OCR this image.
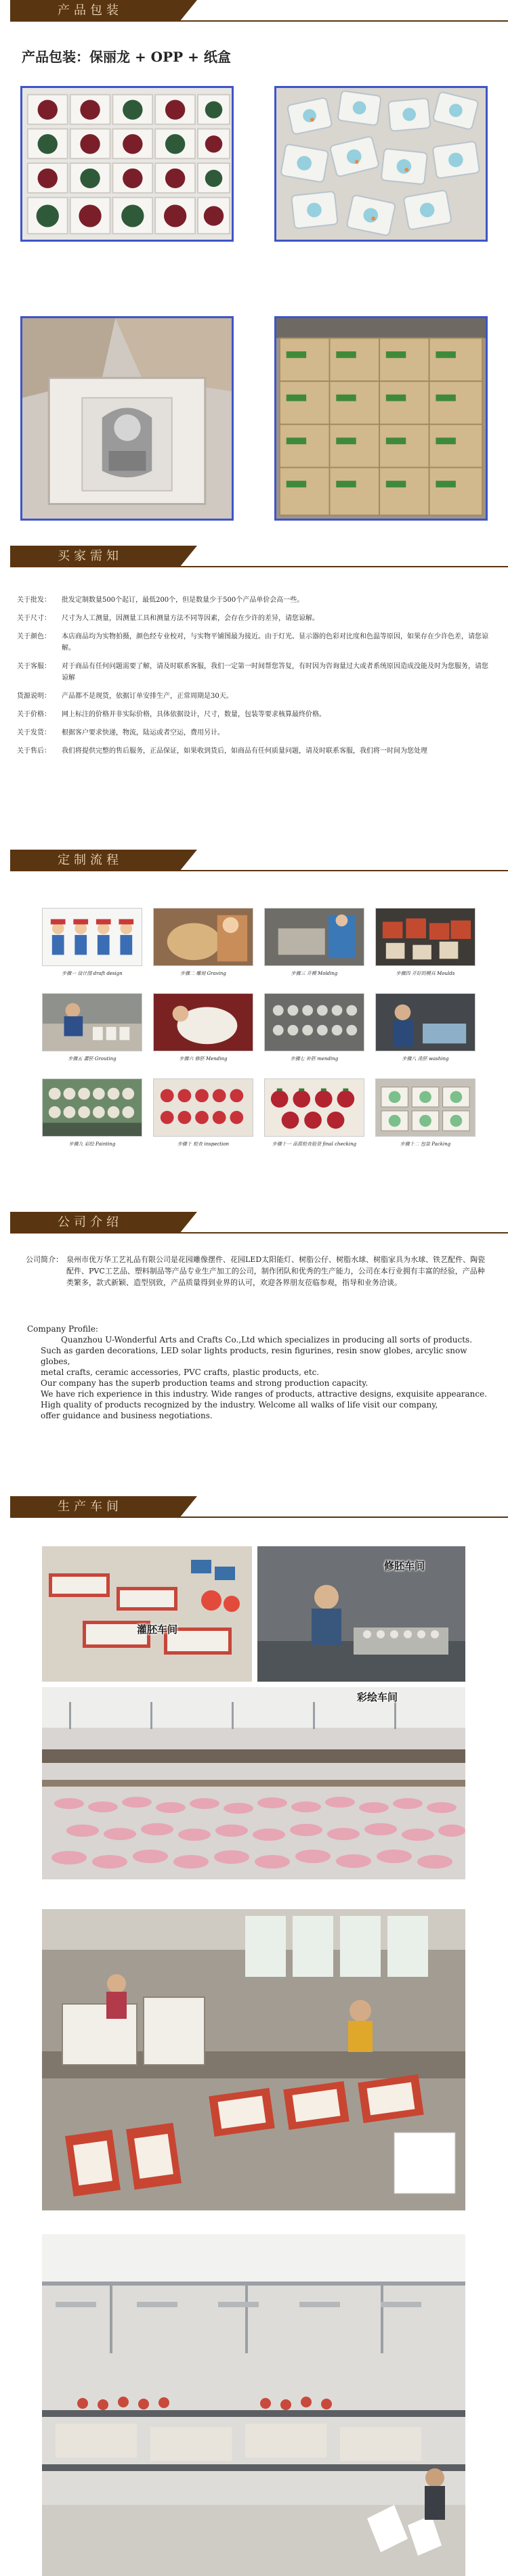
产品包装
产品包装：保丽龙 + OPP + 纸盒
买家需知
关于批发：	批发定制数量500个起订，最低200个，但是数量少于500个产品单价会高一些。
关于尺寸：	尺寸为人工测量，因测量工具和测量方法不同等因素，会存在少许的差异，请您谅解。
关于颜色：	本店商品均为实物拍摄，颜色经专业校对，与实物平铺图最为接近。由于灯光、显示器的色彩对比度和色温等原因，如果存在少许色差，请您谅解。
关于客服：	对于商品有任何问题需要了解，请及时联系客服，我们一定第一时间帮您答复，有时因为咨询量过大或者系统原因造成没能及时为您服务，请您谅解
货源说明：	产品都不是现货，依据订单安排生产，正常周期是30天。
关于价格：	网上标注的价格并非实际价格，具体依据设计，尺寸，数量，包装等要求核算最终价格。
关于发货：	根据客户要求快递，物流，陆运或者空运，费用另计。
关于售后：	我们将提供完整的售后服务，正品保证，如果收到货后，如商品有任何质量问题，请及时联系客服，我们将一时间为您处理
定制流程
步骤一 设计图 draft design	步骤二 雕刻 Graving	步骤三 开模 Molding	步骤四 开好的模具 Moulds
步骤五 灌胚 Grouting	步骤六 修胚 Mending	步骤七 补胚 mending	步骤八 洗胚 washing
步骤九 彩绘 Painting	步骤十 检查 inspection	步骤十一 品质检查验货 final checking	步骤十二 包装 Packing
公司介绍
公司简介： 泉州市优万华工艺礼品有限公司是花园雕像摆件、花园LED太阳能灯、树脂公仔、树脂水球、树脂家具为水球、铁艺配件、陶瓷配件、PVC工艺品、塑料制品等产品专业生产加工的公司，制作团队和优秀的生产能力，公司在本行业拥有丰富的经验，产品种类繁多，款式新颖、造型别致，产品质量得到业界的认可，欢迎各界朋友莅临参观，指导和业务洽谈。
Company Profile:
Quanzhou U-Wonderful Arts and Crafts Co.,Ltd which specializes in producing all sorts of products.
Such as garden decorations, LED solar lights products, resin figurines, resin snow globes, arcylic snow globes,
metal crafts, ceramic accessories, PVC crafts, plastic products, etc.
Our company has the superb production teams and strong production capacity.
We have rich experience in this industry. Wide ranges of products, attractive designs, exquisite appearance.
High quality of products recognized by the industry. Welcome all walks of life visit our company,
offer guidance and business negotiations.
生产车间
灌胚车间
修胚车间
彩绘车间
